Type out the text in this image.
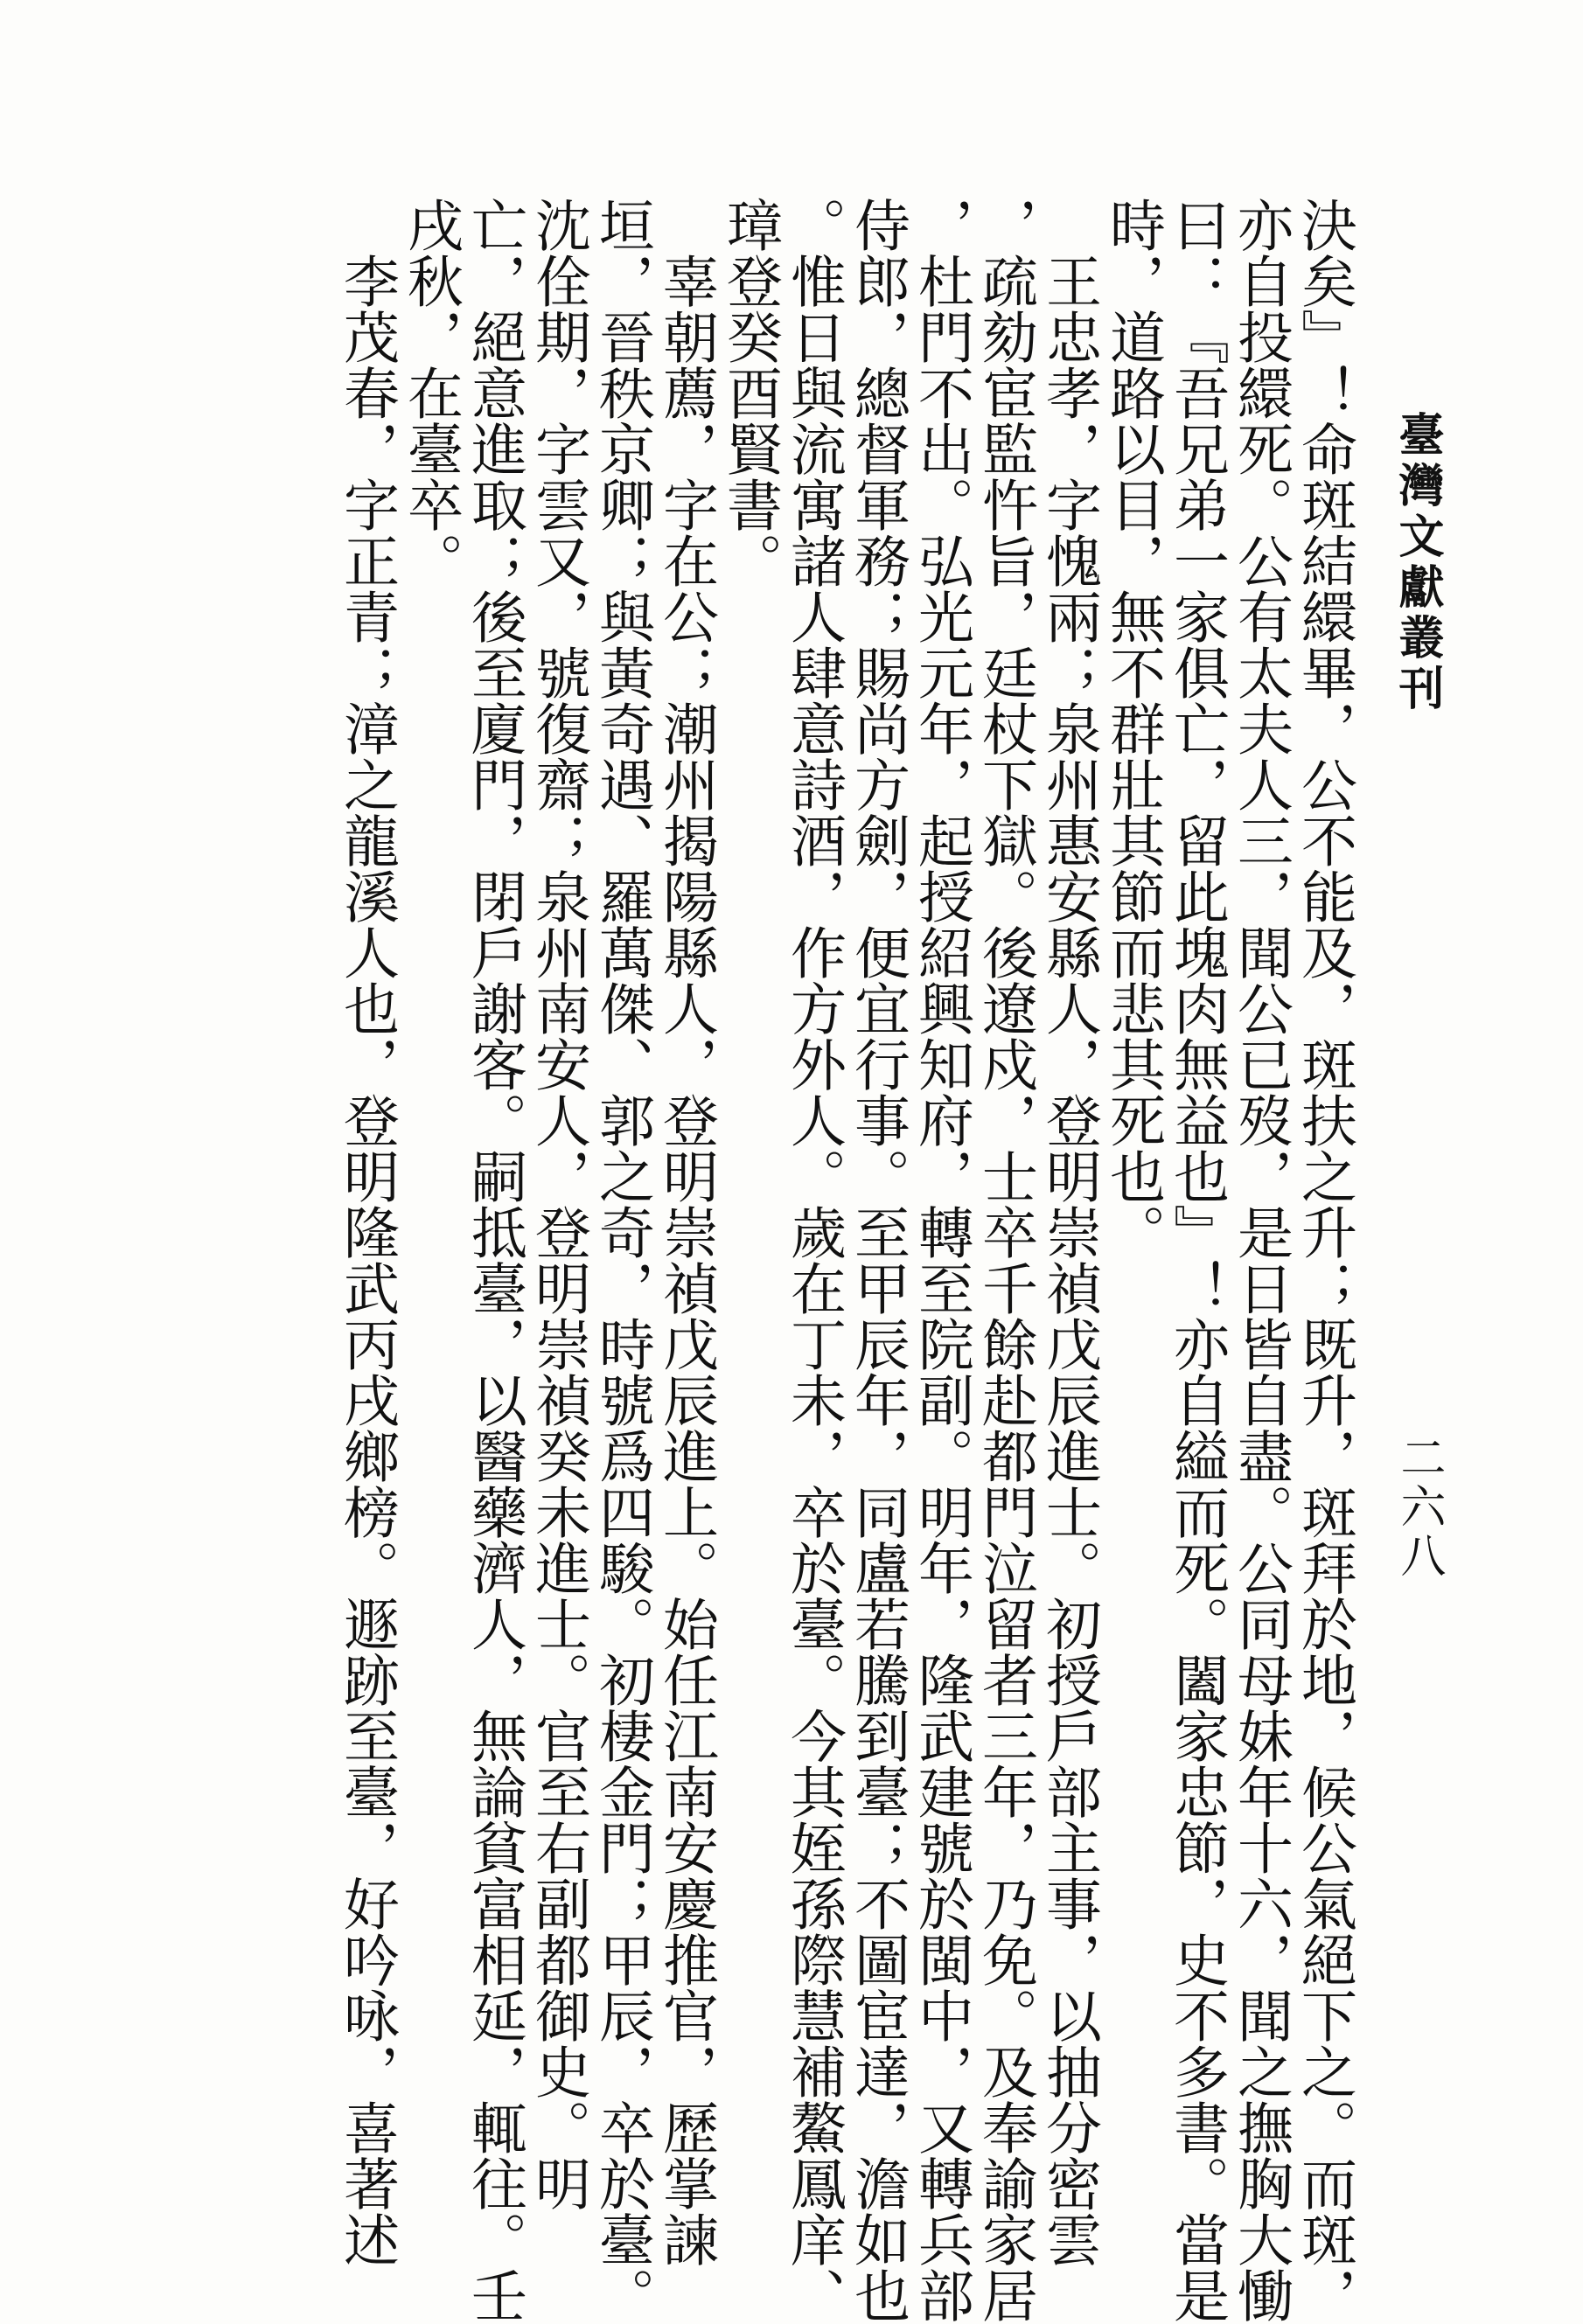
臺灣文獻叢刊
二六八
決矣』！命斑結繯畢，公不能及，斑扶之升；既升，斑拜於地，候公氣絕下之。而斑，
亦自投繯死。公有太夫人三，聞公已歿，是日皆自盡。公同母妹年十六，聞之撫胸大慟
曰：『吾兄弟一家俱亡，留此塊肉無益也』！亦自縊而死。闔家忠節，史不多書。當是
時，道路以目，無不群壯其節而悲其死也。
王忠孝，字愧兩；泉州惠安縣人，登明崇禎戊辰進士。初授戶部主事，以抽分密雲
，疏劾宦監忤旨，廷杖下獄。後遼戍，士卒千餘赴都門泣留者三年，乃免。及奉諭家居
，杜門不出。弘光元年，起授紹興知府，轉至院副。明年，隆武建號於閩中，又轉兵部
侍郎，總督軍務；賜尚方劍，便宜行事。至甲辰年，同盧若騰到臺；不圖宦達，澹如也
。惟日與流寓諸人肆意詩酒，作方外人。歲在丁未，卒於臺。今其姪孫際慧補鰲鳳庠、
璋登癸酉賢書。
辜朝薦，字在公；潮州揭陽縣人，登明崇禎戊辰進上。始任江南安慶推官，歷掌諫
垣，晉秩京卿；與黃奇遇、羅萬傑、郭之奇，時號爲四駿。初棲金門；甲辰，卒於臺。
沈佺期，字雲又，號復齋；泉州南安人，登明崇禎癸未進士。官至右副都御史。明
亡，絕意進取；後至廈門，閉戶謝客。嗣抵臺，以醫藥濟人，無論貧富相延，輒往。壬
戌秋，在臺卒。
李茂春，字正青；漳之龍溪人也，登明隆武丙戌鄉榜。遯跡至臺，好吟咏，喜著述
